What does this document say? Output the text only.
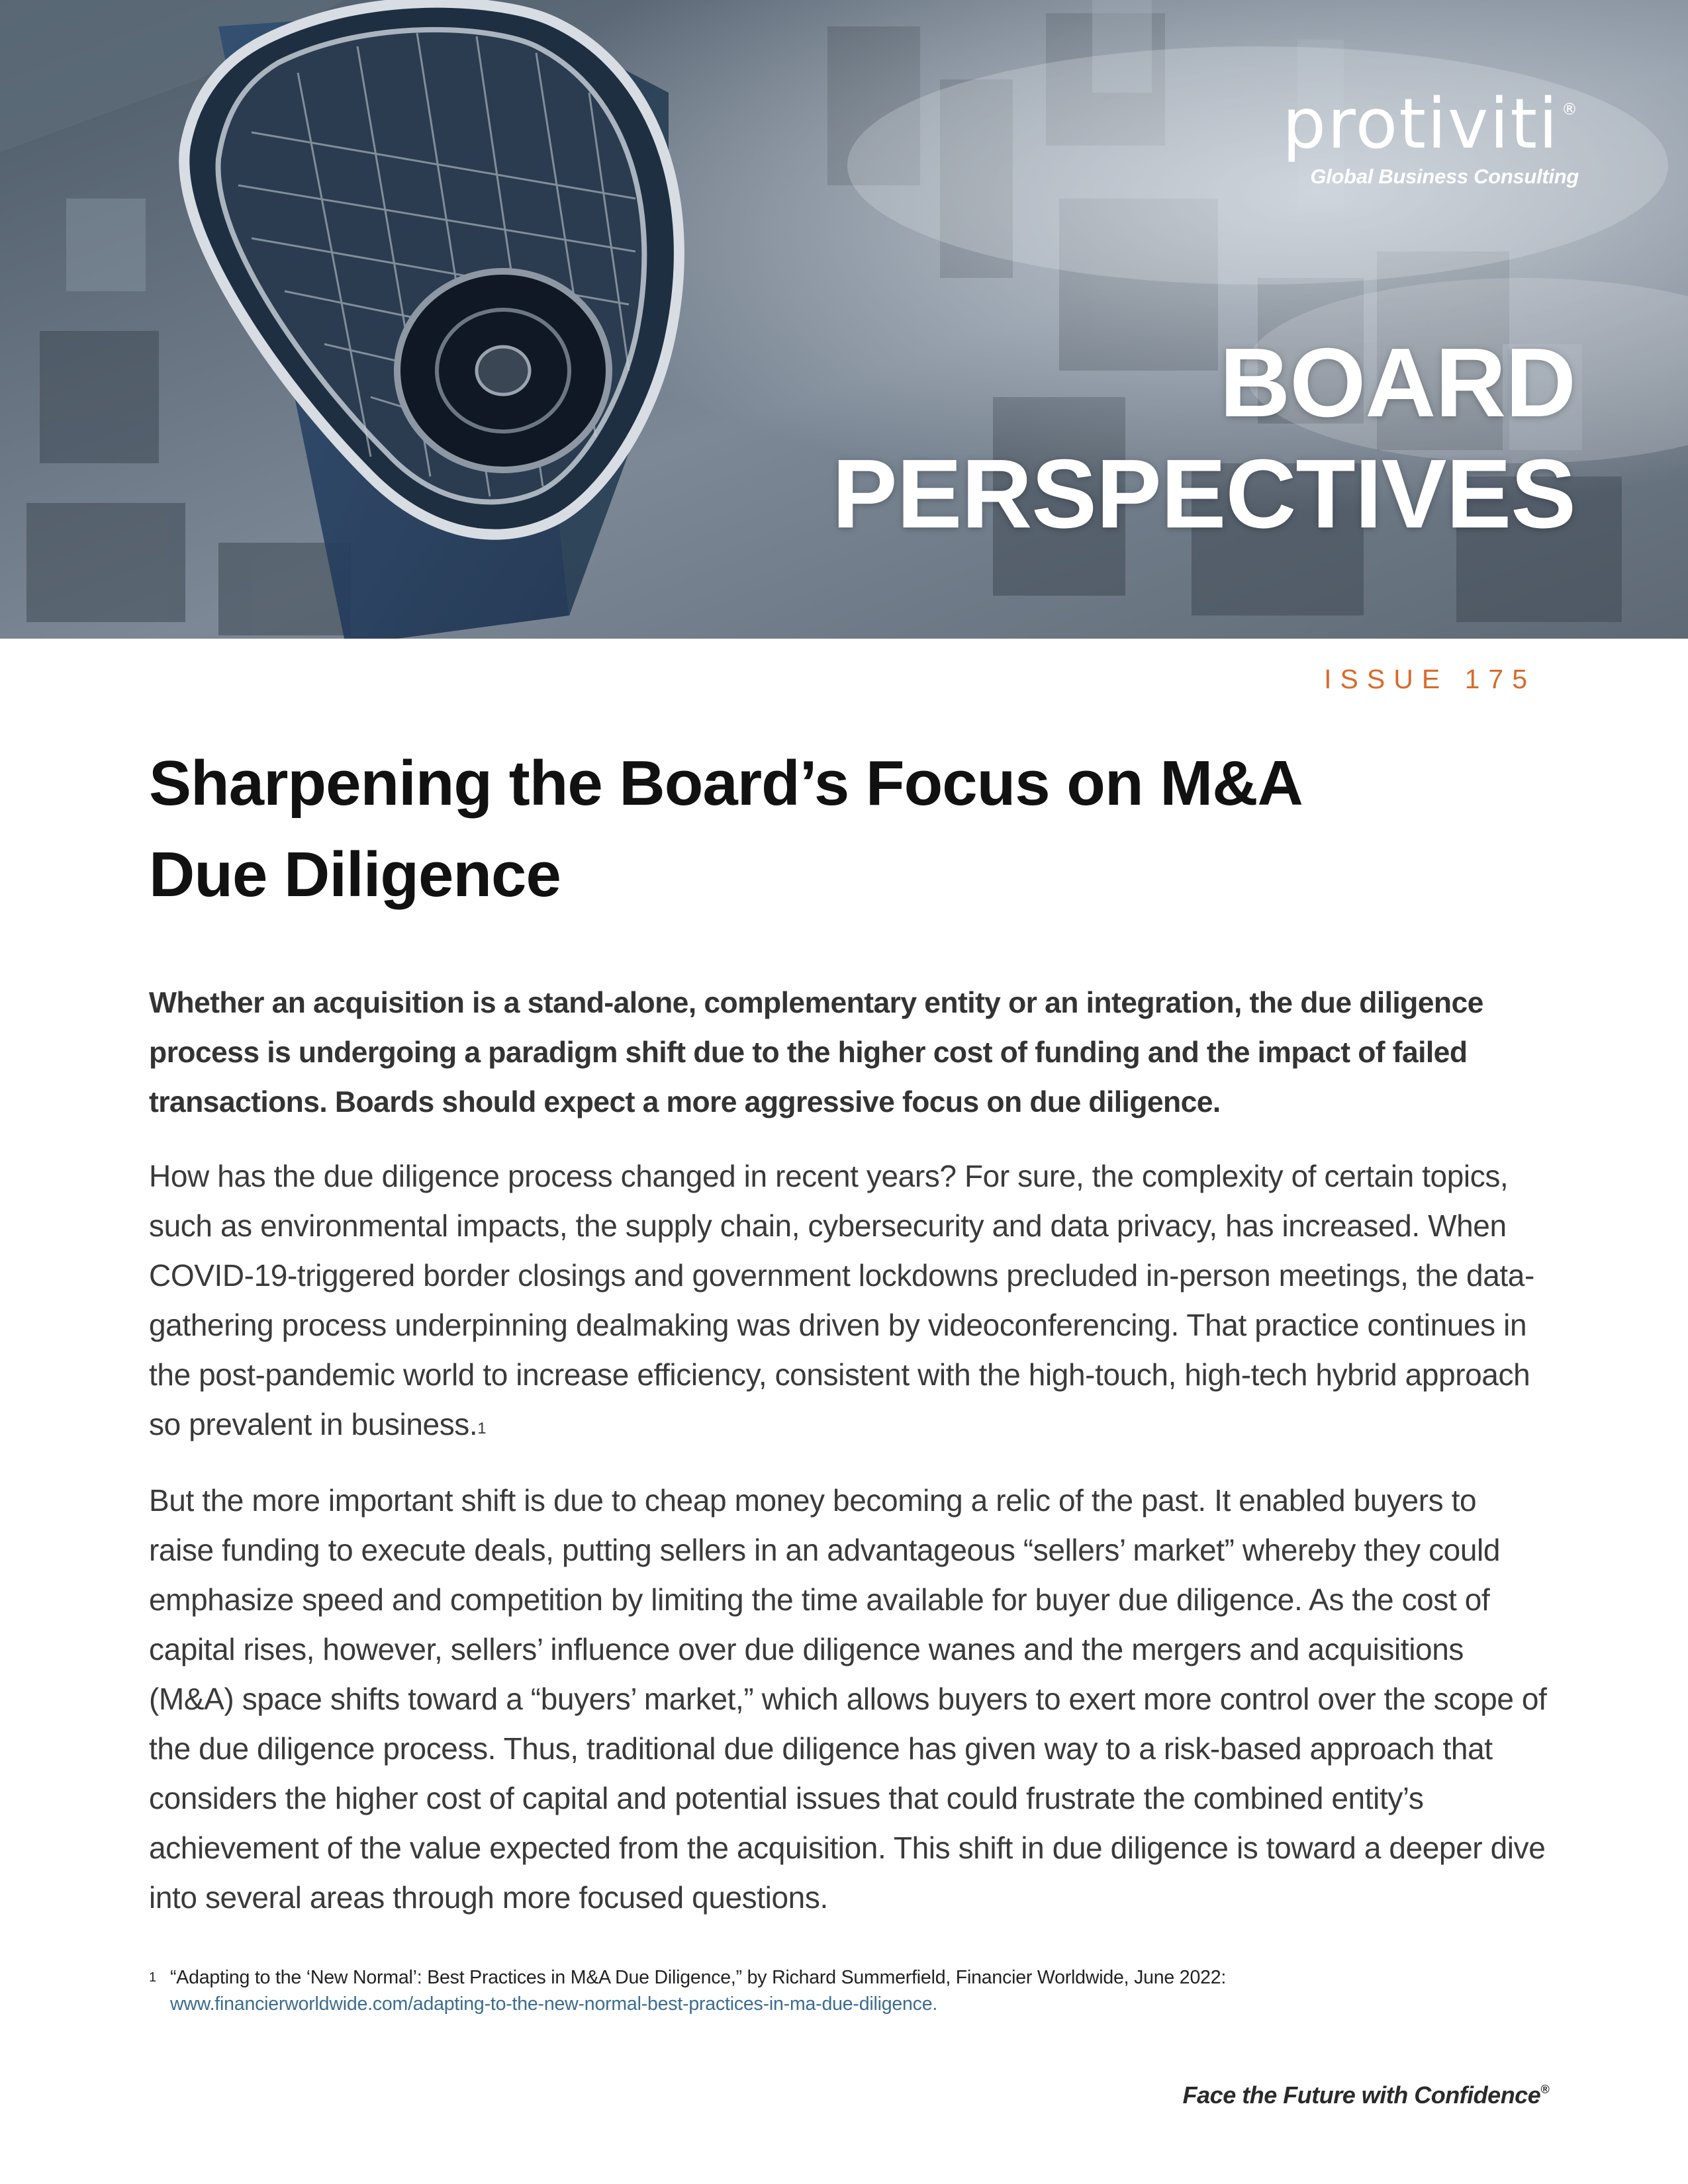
protiviti ®
Global Business Consulting
BOARD
PERSPECTIVES
ISSUE 175
Sharpening the Board’s Focus on M&A
Due Diligence

Whether an acquisition is a stand-alone, complementary entity or an integration, the due diligence process is undergoing a paradigm shift due to the higher cost of funding and the impact of failed transactions. Boards should expect a more aggressive focus on due diligence.

How has the due diligence process changed in recent years? For sure, the complexity of certain topics, such as environmental impacts, the supply chain, cybersecurity and data privacy, has increased. When COVID-19-triggered border closings and government lockdowns precluded in-person meetings, the data-gathering process underpinning dealmaking was driven by videoconferencing. That practice continues in the post-pandemic world to increase efficiency, consistent with the high-touch, high-tech hybrid approach so prevalent in business.$^1$

But the more important shift is due to cheap money becoming a relic of the past. It enabled buyers to raise funding to execute deals, putting sellers in an advantageous “sellers’ market” whereby they could emphasize speed and competition by limiting the time available for buyer due diligence. As the cost of capital rises, however, sellers’ influence over due diligence wanes and the mergers and acquisitions (M&A) space shifts toward a “buyers’ market,” which allows buyers to exert more control over the scope of the due diligence process. Thus, traditional due diligence has given way to a risk-based approach that considers the higher cost of capital and potential issues that could frustrate the combined entity’s achievement of the value expected from the acquisition. This shift in due diligence is toward a deeper dive into several areas through more focused questions.

1 “Adapting to the ‘New Normal’: Best Practices in M&A Due Diligence,” by Richard Summerfield, Financier Worldwide, June 2022: www.financierworldwide.com/adapting-to-the-new-normal-best-practices-in-ma-due-diligence.
Face the Future with Confidence®
